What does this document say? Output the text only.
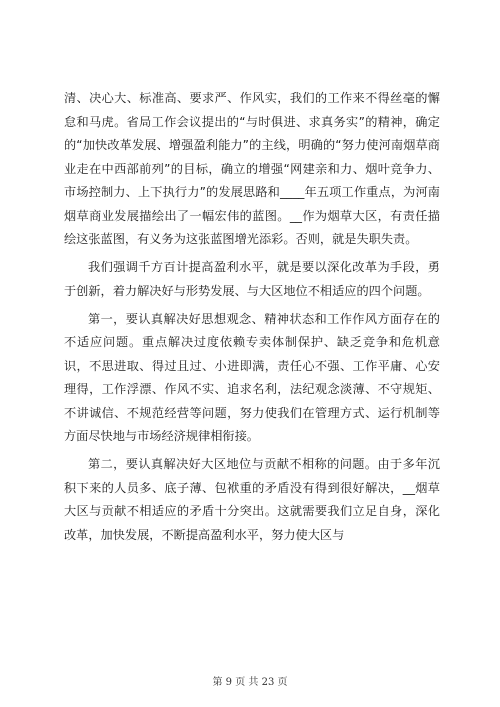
清、决心大、标准高、要求严、作风实，我们的工作来不得丝毫的懈怠和马虎。省局工作会议提出的“与时俱进、求真务实”的精神，确定的“加快改革发展、增强盈利能力”的主线，明确的“努力使河南烟草商业走在中西部前列”的目标，确立的增强“网建亲和力、烟叶竞争力、市场控制力、上下执行力”的发展思路和____年五项工作重点，为河南烟草商业发展描绘出了一幅宏伟的蓝图。__作为烟草大区，有责任描绘这张蓝图，有义务为这张蓝图增光添彩。否则，就是失职失责。

我们强调千方百计提高盈利水平，就是要以深化改革为手段，勇于创新，着力解决好与形势发展、与大区地位不相适应的四个问题。

第一，要认真解决好思想观念、精神状态和工作作风方面存在的不适应问题。重点解决过度依赖专卖体制保护、缺乏竞争和危机意识，不思进取、得过且过、小进即满，责任心不强、工作平庸、心安理得，工作浮漂、作风不实、追求名利，法纪观念淡薄、不守规矩、不讲诚信、不规范经营等问题，努力使我们在管理方式、运行机制等方面尽快地与市场经济规律相衔接。

第二，要认真解决好大区地位与贡献不相称的问题。由于多年沉积下来的人员多、底子薄、包袱重的矛盾没有得到很好解决，__烟草大区与贡献不相适应的矛盾十分突出。这就需要我们立足自身，深化改革，加快发展，不断提高盈利水平，努力使大区与

第 9 页 共 23 页
